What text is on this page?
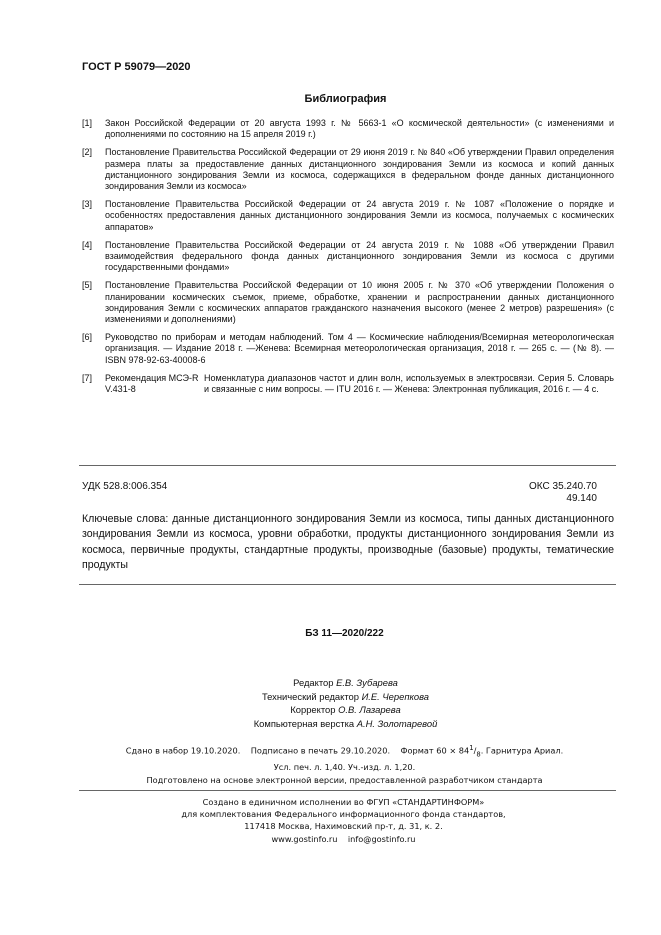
ГОСТ Р 59079—2020
Библиография
[1] Закон Российской Федерации от 20 августа 1993 г. № 5663-1 «О космической деятельности» (с изменениями и дополнениями по состоянию на 15 апреля 2019 г.)
[2] Постановление Правительства Российской Федерации от 29 июня 2019 г. № 840 «Об утверждении Правил определения размера платы за предоставление данных дистанционного зондирования Земли из космоса и копий данных дистанционного зондирования Земли из космоса, содержащихся в федеральном фонде данных дистанционного зондирования Земли из космоса»
[3] Постановление Правительства Российской Федерации от 24 августа 2019 г. № 1087 «Положение о порядке и особенностях предоставления данных дистанционного зондирования Земли из космоса, получаемых с космических аппаратов»
[4] Постановление Правительства Российской Федерации от 24 августа 2019 г. № 1088 «Об утверждении Правил взаимодействия федерального фонда данных дистанционного зондирования Земли из космоса с другими государственными фондами»
[5] Постановление Правительства Российской Федерации от 10 июня 2005 г. № 370 «Об утверждении Положения о планировании космических съемок, приеме, обработке, хранении и распространении данных дистанционного зондирования Земли с космических аппаратов гражданского назначения высокого (менее 2 метров) разрешения» (с изменениями и дополнениями)
[6] Руководство по приборам и методам наблюдений. Том 4 — Космические наблюдения/Всемирная метеорологическая организация. — Издание 2018 г. —Женева: Всемирная метеорологическая организация, 2018 г. — 265 с. — (№ 8). — ISBN 978-92-63-40008-6
[7] Рекомендация МСЭ-R V.431-8
Номенклатура диапазонов частот и длин волн, используемых в электросвязи. Серия 5. Словарь и связанные с ним вопросы. — ITU 2016 г. — Женева: Электронная публикация, 2016 г. — 4 с.
УДК 528.8:006.354	ОКС 35.240.70
49.140
Ключевые слова: данные дистанционного зондирования Земли из космоса, типы данных дистанционного зондирования Земли из космоса, уровни обработки, продукты дистанционного зондирования Земли из космоса, первичные продукты, стандартные продукты, производные (базовые) продукты, тематические продукты
БЗ 11—2020/222
Редактор Е.В. Зубарева
Технический редактор И.Е. Черепкова
Корректор О.В. Лазарева
Компьютерная верстка А.Н. Золотаревой
Сдано в набор 19.10.2020. Подписано в печать 29.10.2020. Формат $60 \times 84^1/_8$. Гарнитура Ариал.
Усл. печ. л. 1,40. Уч.-изд. л. 1,20.
Подготовлено на основе электронной версии, предоставленной разработчиком стандарта
Создано в единичном исполнении во ФГУП «СТАНДАРТИНФОРМ»
для комплектования Федерального информационного фонда стандартов,
117418 Москва, Нахимовский пр-т, д. 31, к. 2.
www.gostinfo.ru info@gostinfo.ru
